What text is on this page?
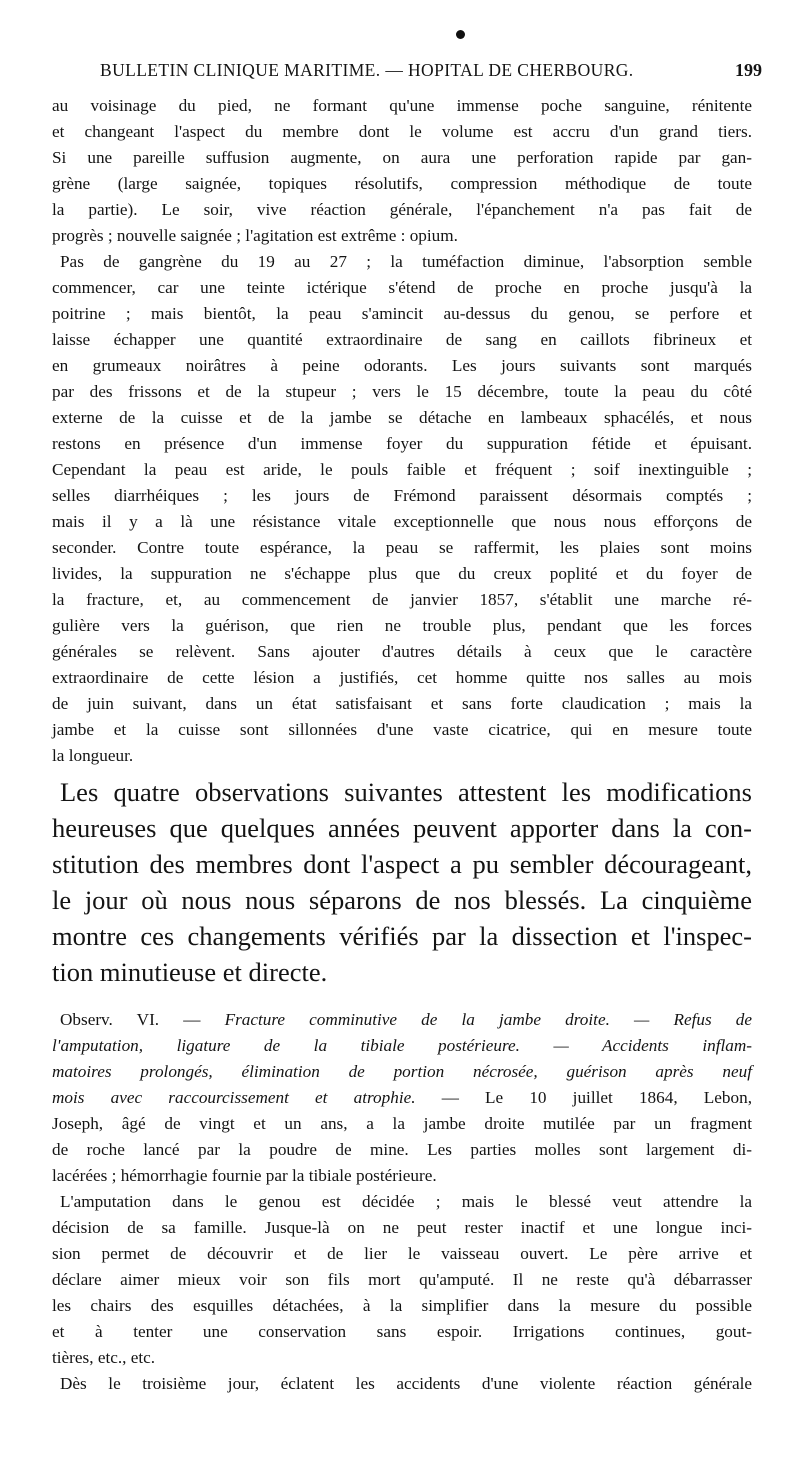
BULLETIN CLINIQUE MARITIME. — HOPITAL DE CHERBOURG.	199
au voisinage du pied, ne formant qu'une immense poche sanguine, rénitente
et changeant l'aspect du membre dont le volume est accru d'un grand tiers.
Si une pareille suffusion augmente, on aura une perforation rapide par gan-
grène (large saignée, topiques résolutifs, compression méthodique de toute
la partie). Le soir, vive réaction générale, l'épanchement n'a pas fait de
progrès ; nouvelle saignée ; l'agitation est extrême : opium.
Pas de gangrène du 19 au 27 ; la tuméfaction diminue, l'absorption semble
commencer, car une teinte ictérique s'étend de proche en proche jusqu'à la
poitrine ; mais bientôt, la peau s'amincit au-dessus du genou, se perfore et
laisse échapper une quantité extraordinaire de sang en caillots fibrineux et
en grumeaux noirâtres à peine odorants. Les jours suivants sont marqués
par des frissons et de la stupeur ; vers le 15 décembre, toute la peau du côté
externe de la cuisse et de la jambe se détache en lambeaux sphacélés, et nous
restons en présence d'un immense foyer du suppuration fétide et épuisant.
Cependant la peau est aride, le pouls faible et fréquent ; soif inextinguible ;
selles diarrhéiques ; les jours de Frémond paraissent désormais comptés ;
mais il y a là une résistance vitale exceptionnelle que nous nous efforçons de
seconder. Contre toute espérance, la peau se raffermit, les plaies sont moins
livides, la suppuration ne s'échappe plus que du creux poplité et du foyer de
la fracture, et, au commencement de janvier 1857, s'établit une marche ré-
gulière vers la guérison, que rien ne trouble plus, pendant que les forces
générales se relèvent. Sans ajouter d'autres détails à ceux que le caractère
extraordinaire de cette lésion a justifiés, cet homme quitte nos salles au mois
de juin suivant, dans un état satisfaisant et sans forte claudication ; mais la
jambe et la cuisse sont sillonnées d'une vaste cicatrice, qui en mesure toute
la longueur.
Les quatre observations suivantes attestent les modifications
heureuses que quelques années peuvent apporter dans la con-
stitution des membres dont l'aspect a pu sembler décourageant,
le jour où nous nous séparons de nos blessés. La cinquième
montre ces changements vérifiés par la dissection et l'inspec-
tion minutieuse et directe.
Observ. VI. — Fracture comminutive de la jambe droite. — Refus de
l'amputation, ligature de la tibiale postérieure. — Accidents inflam-
matoires prolongés, élimination de portion nécrosée, guérison après neuf
mois avec raccourcissement et atrophie. — Le 10 juillet 1864, Lebon,
Joseph, âgé de vingt et un ans, a la jambe droite mutilée par un fragment
de roche lancé par la poudre de mine. Les parties molles sont largement di-
lacérées ; hémorrhagie fournie par la tibiale postérieure.
L'amputation dans le genou est décidée ; mais le blessé veut attendre la
décision de sa famille. Jusque-là on ne peut rester inactif et une longue inci-
sion permet de découvrir et de lier le vaisseau ouvert. Le père arrive et
déclare aimer mieux voir son fils mort qu'amputé. Il ne reste qu'à débarrasser
les chairs des esquilles détachées, à la simplifier dans la mesure du possible
et à tenter une conservation sans espoir. Irrigations continues, gout-
tières, etc., etc.
Dès le troisième jour, éclatent les accidents d'une violente réaction générale
